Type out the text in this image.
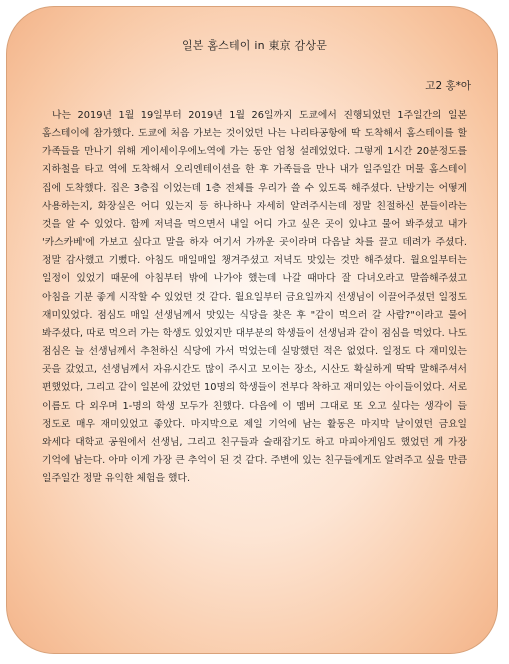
일본 홈스테이 in 東京 감상문
고2 홍*아

나는 2019년 1월 19일부터 2019년 1월 26일까지 도쿄에서 진행되었던 1주일간의 일본 홈스테이에 참가했다. 도쿄에 처음 가보는 것이었던 나는 나리타공항에 딱 도착해서 홈스테이를 할 가족들을 만나기 위해 게이세이우에노역에 가는 동안 엄청 설레었었다. 그렇게 1시간 20분정도를 지하철을 타고 역에 도착해서 오리엔테이션을 한 후 가족들을 만나 내가 일주일간 머물 홈스테이 집에 도착했다. 집은 3층집 이었는데 1층 전체를 우리가 쓸 수 있도록 해주셨다. 난방기는 어떻게 사용하는지, 화장실은 어디 있는지 등 하나하나 자세히 알려주시는데 정말 친절하신 분들이라는 것을 알 수 있었다. 함께 저녁을 먹으면서 내일 어디 가고 싶은 곳이 있냐고 물어 봐주셨고 내가 '카스카베'에 가보고 싶다고 말을 하자 여기서 가까운 곳이라며 다음날 차를 끌고 데려가 주셨다. 정말 감사했고 기뻤다. 아침도 매일매일 챙겨주셨고 저녁도 맛있는 것만 해주셨다. 월요일부터는 일정이 있었기 때문에 아침부터 밖에 나가야 했는데 나갈 때마다 잘 다녀오라고 말씀해주셨고 아침을 기분 좋게 시작할 수 있었던 것 같다. 월요일부터 금요일까지 선생님이 이끌어주셨던 일정도 재미있었다. 점심도 매일 선생님께서 맛있는 식당을 찾은 후 "같이 먹으러 갈 사람?"이라고 물어 봐주셨다, 따로 먹으러 가는 학생도 있었지만 대부분의 학생들이 선생님과 같이 점심을 먹었다. 나도 점심은 늘 선생님께서 추천하신 식당에 가서 먹었는데 실망했던 적은 없었다. 일정도 다 재미있는 곳을 갔었고, 선생님께서 자유시간도 많이 주시고 모이는 장소, 시산도 확실하게 딱딱 말해주셔서 편했었다, 그리고 같이 일본에 갔었던 10명의 학생들이 전부다 착하고 재미있는 아이들이었다. 서로 이름도 다 외우며 1-명의 학생 모두가 친했다. 다음에 이 멤버 그대로 또 오고 싶다는 생각이 들 정도로 매우 재미있었고 좋았다. 마지막으로 제일 기억에 남는 활동은 마지막 날이였던 금요일 와세다 대학교 공원에서 선생님, 그리고 친구들과 술래잡기도 하고 마피아게임도 했었던 게 가장 기억에 남는다. 아마 이게 가장 큰 추억이 된 것 같다. 주변에 있는 친구들에게도 알려주고 싶을 만큼 일주일간 정말 유익한 체험을 했다.
